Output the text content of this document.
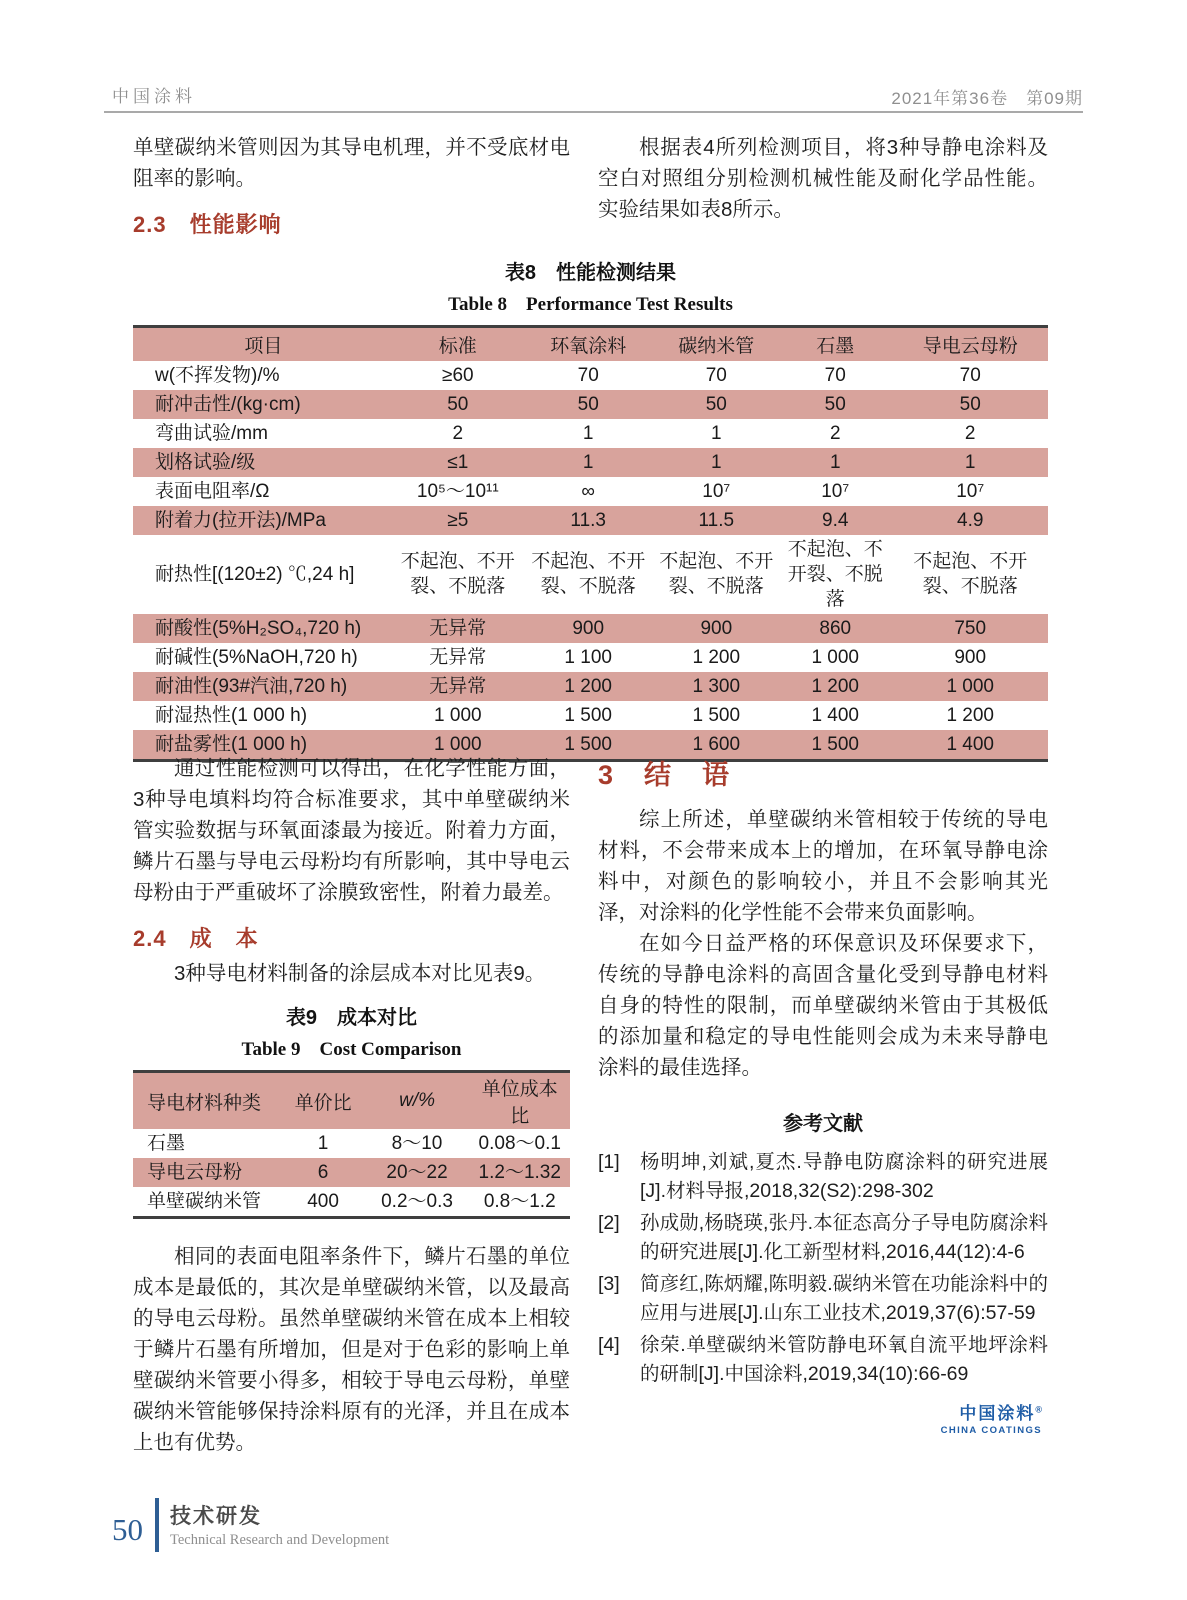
中国涂料	2021年第36卷　第09期

单壁碳纳米管则因为其导电机理，并不受底材电阻率的影响。

2.3　性能影响

根据表4所列检测项目，将3种导静电涂料及空白对照组分别检测机械性能及耐化学品性能。实验结果如表8所示。

表8　性能检测结果
Table 8　Performance Test Results
项目	标准	环氧涂料	碳纳米管	石墨	导电云母粉
w(不挥发物)/%	≥60	70	70	70	70
耐冲击性/(kg·cm)	50	50	50	50	50
弯曲试验/mm	2	1	1	2	2
划格试验/级	≤1	1	1	1	1
表面电阻率/Ω	10⁵～10¹¹	∞	10⁷	10⁷	10⁷
附着力(拉开法)/MPa	≥5	11.3	11.5	9.4	4.9
耐热性[(120±2) ℃,24 h]	不起泡、不开裂、不脱落	不起泡、不开裂、不脱落	不起泡、不开裂、不脱落	不起泡、不开裂、不脱落	不起泡、不开裂、不脱落
耐酸性(5%H₂SO₄,720 h)	无异常	900	900	860	750
耐碱性(5%NaOH,720 h)	无异常	1 100	1 200	1 000	900
耐油性(93#汽油,720 h)	无异常	1 200	1 300	1 200	1 000
耐湿热性(1 000 h)	1 000	1 500	1 500	1 400	1 200
耐盐雾性(1 000 h)	1 000	1 500	1 600	1 500	1 400

通过性能检测可以得出，在化学性能方面，3种导电填料均符合标准要求，其中单壁碳纳米管实验数据与环氧面漆最为接近。附着力方面，鳞片石墨与导电云母粉均有所影响，其中导电云母粉由于严重破坏了涂膜致密性，附着力最差。

2.4　成　本

3种导电材料制备的涂层成本对比见表9。

表9　成本对比
Table 9　Cost Comparison
导电材料种类	单价比	w/%	单位成本比
石墨	1	8～10	0.08～0.1
导电云母粉	6	20～22	1.2～1.32
单壁碳纳米管	400	0.2～0.3	0.8～1.2

相同的表面电阻率条件下，鳞片石墨的单位成本是最低的，其次是单壁碳纳米管，以及最高的导电云母粉。虽然单壁碳纳米管在成本上相较于鳞片石墨有所增加，但是对于色彩的影响上单壁碳纳米管要小得多，相较于导电云母粉，单壁碳纳米管能够保持涂料原有的光泽，并且在成本上也有优势。

3　结　语

综上所述，单壁碳纳米管相较于传统的导电材料，不会带来成本上的增加，在环氧导静电涂料中，对颜色的影响较小，并且不会影响其光泽，对涂料的化学性能不会带来负面影响。

在如今日益严格的环保意识及环保要求下，传统的导静电涂料的高固含量化受到导静电材料自身的特性的限制，而单壁碳纳米管由于其极低的添加量和稳定的导电性能则会成为未来导静电涂料的最佳选择。

参考文献
[1]	杨明坤,刘斌,夏杰.导静电防腐涂料的研究进展[J].材料导报,2018,32(S2):298-302
[2]	孙成勋,杨晓瑛,张丹.本征态高分子导电防腐涂料的研究进展[J].化工新型材料,2016,44(12):4-6
[3]	简彦红,陈炳耀,陈明毅.碳纳米管在功能涂料中的应用与进展[J].山东工业技术,2019,37(6):57-59
[4]	徐荣.单壁碳纳米管防静电环氧自流平地坪涂料的研制[J].中国涂料,2019,34(10):66-69
中国涂料®
CHINA COATINGS
50 技术研发
Technical Research and Development
